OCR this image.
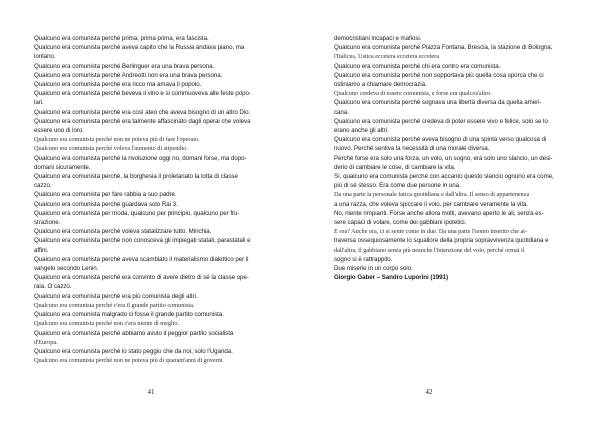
Qualcuno era comunista perché prima, prima prima, era fascista.
Qualcuno era comunista perché aveva capito che la Russia andava piano, ma
lontano.
Qualcuno era comunista perché Berlinguer era una brava persona.
Qualcuno era comunista perché Andreotti non era una brava persona.
Qualcuno era comunista perché era ricco ma amava il popolo.
Qualcuno era comunista perché beveva il vino e si commuoveva alle feste popo-
lari.
Qualcuno era comunista perché era così ateo che aveva bisogno di un altro Dio.
Qualcuno era comunista perché era talmente affascinato dagli operai che voleva
essere uno di loro.
Qualcuno era comunista perché non ne poteva più di fare l'operaio.
Qualcuno era comunista perché voleva l'aumento di stipendio.
Qualcuno era comunista perché la rivoluzione oggi no, domani forse, ma dopo-
domani sicuramente.
Qualcuno era comunista perché, la borghesia il proletariato la lotta di classe
cazzo.
Qualcuno era comunista per fare rabbia a suo padre.
Qualcuno era comunista perché guardava solo Rai 3.
Qualcuno era comunista per moda, qualcuno per principio, qualcuno per fru-
strazione.
Qualcuno era comunista perché voleva statalizzare tutto. Minchia.
Qualcuno era comunista perché non conosceva gli impiegati statali, parastatali e
affini.
Qualcuno era comunista perché aveva scambiato il materialismo dialettico per il
vangelo secondo Lenin.
Qualcuno era comunista perché era convinto di avere dietro di sé la classe ope-
raia. O cazzo.
Qualcuno era comunista perché era più comunista degli altri.
Qualcuno era comunista perché c'era il grande partito comunista.
Qualcuno era comunista malgrado ci fosse il grande partito comunista.
Qualcuno era comunista perché non c'era niente di meglio.
Qualcuno era comunista perché abbiamo avuto il peggior partito socialista
d'Europa.
Qualcuno era comunista perché lo stato peggio che da noi, solo l'Uganda.
Qualcuno era comunista perché non ne poteva più di quarant'anni di governi
democristiani incapaci e mafiosi.
Qualcuno era comunista perché Piazza Fontana, Brescia, la stazione di Bologna,
l'Italicus, Ustica eccetera eccetera eccetera
Qualcuno era comunista perché chi era contro era comunista.
Qualcuno era comunista perché non sopportava più quella cosa sporca che ci
ostiniamo a chiamare democrazia.
Qualcuno credeva di essere comunista, e forse era qualcos'altro.
Qualcuno era comunista perché sognava una libertà diversa da quella ameri-
cana.
Qualcuno era comunista perché credeva di poter essere vivo e felice, solo se lo
erano anche gli altri.
Qualcuno era comunista perché aveva bisogno di una spinta verso qualcosa di
nuovo. Perché sentiva la necessità di una morale diversa.
Perché forse era solo una forza, un volo, un sogno, era solo uno slancio, un desi-
derio di cambiare le cose, di cambiare la vita.
Sì, qualcuno era comunista perché con accanto questo slancio ognuno era come,
più di sé stesso. Era come due persone in una.
Da una parte la personale fatica quotidiana e dall'altra. Il senso di appartenenza
a una razza, che voleva spiccare il volo, per cambiare veramente la vita.
No, niente rimpianti. Forse anche allora molti, avevano aperto le ali, senza es-
sere capaci di volare, come dei gabbiani ipotetici.
E ora? Anche ora, ci si sente come in due. Da una parte l'uomo inserito che at-
traversa ossequiosamente lo squallore della propria sopravvivenza quotidiana e
dall'altra, il gabbiano senza più neanche l'intenzione del volo, perché ormai il
sogno si è rattrappito.
Due miserie in un corpo solo.
Giorgio Gaber – Sandro Luporini (1991)
41	42
